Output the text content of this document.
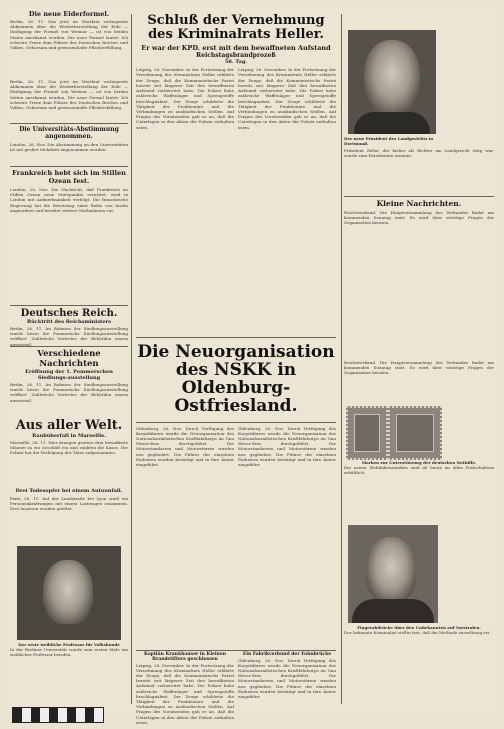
Die neue Eiderformel.
Berlin, 26. 11. Das jetzt im Wortlaut vorliegende Abkommen über die Wiederherstellung der Eide — Einfügung der Formel von Weimar — ist von beiden Seiten anerkannt worden. Die neue Formel lautet: Ich schwöre Treue dem Führer des Deutschen Reiches und Volkes, Gehorsam und gewissenhafte Pflichterfüllung.
Berlin, 26. 11. Das jetzt im Wortlaut vorliegende Abkommen über die Wiederherstellung der Eide — Einfügung der Formel von Weimar — ist von beiden Seiten anerkannt worden. Die neue Formel lautet: Ich schwöre Treue dem Führer des Deutschen Reiches und Volkes, Gehorsam und gewissenhafte Pflichterfüllung.
Die Universitäts-Abstimmung angenommen.
London, 26. Nov. Die Abstimmung an den Universitäten ist mit großer Mehrheit angenommen worden.
Frankreich hebt sich im Stillen Ozean fest.
London, 26. Nov. Die Nachricht, daß Frankreich im Stillen Ozean neue Stützpunkte errichtet, wird in London mit Aufmerksamkeit verfolgt. Die französische Regierung hat die Besetzung einer Reihe von Inseln angeordnet und bereitet weitere Maßnahmen vor.
Deutsches Reich.
Rücktritt des Reichsministers
Berlin, 26. 11. Im Rahmen der Siedlungsausstellung wurde heute die Pommersche Siedlungsausstellung eröffnet. Zahlreiche Vertreter der Behörden waren anwesend.
Verschiedene Nachrichten
Eröffnung der 1. Pommerschen Siedlungs-ausstellung
Berlin, 26. 11. Im Rahmen der Siedlungsausstellung wurde heute die Pommersche Siedlungsausstellung eröffnet. Zahlreiche Vertreter der Behörden waren anwesend.
Aus aller Welt.
Raubüberfall in Marseille.
Marseille, 26. 11. Hier drangen gestern drei bewaffnete Männer in ein Geschäft ein und raubten die Kasse. Die Polizei hat die Verfolgung der Täter aufgenommen.
Drei Todesopfer bei einem Autounfall.
Paris, 26. 11. Auf der Landstraße bei Lyon stieß ein Personenkraftwagen mit einem Lastwagen zusammen. Drei Insassen wurden getötet.
Der erste weibliche Professor für Volkskunde
In der Berliner Universität wurde zum ersten Male ein weiblicher Professor berufen.
Schluß der Vernehmung des Kriminalrats Heller.
Er war der KPD. erst mit dem bewaffneten Aufstand
Reichstagsbrandprozeß
58. Tag.
Leipzig, 26. November. In der Fortsetzung der Vernehmung des Kriminalrats Heller erklärte der Zeuge, daß die Kommunistische Partei bereits seit längerer Zeit den bewaffneten Aufstand vorbereitet habe. Die Polizei habe zahlreiche Waffenlager und Sprengstoffe beschlagnahmt. Der Zeuge schilderte die Tätigkeit der Funktionäre und die Verbindungen zu ausländischen Stellen. Auf Fragen des Vorsitzenden gab er an, daß die Unterlagen in den Akten der Polizei enthalten seien.
Leipzig, 26. November. In der Fortsetzung der Vernehmung des Kriminalrats Heller erklärte der Zeuge, daß die Kommunistische Partei bereits seit längerer Zeit den bewaffneten Aufstand vorbereitet habe. Die Polizei habe zahlreiche Waffenlager und Sprengstoffe beschlagnahmt. Der Zeuge schilderte die Tätigkeit der Funktionäre und die Verbindungen zu ausländischen Stellen. Auf Fragen des Vorsitzenden gab er an, daß die Unterlagen in den Akten der Polizei enthalten seien.
Die Neuorganisation des NSKK in Oldenburg-Ostfriesland.
Oldenburg, 26. Nov. Durch Verfügung des Korpsführers wurde die Neuorganisation des Nationalsozialistischen Kraftfahrkorps im Gau Weser-Ems durchgeführt. Die Motorstandarten und Motorstürme wurden neu gegliedert. Die Führer der einzelnen Einheiten wurden bestätigt und in ihre Ämter eingeführt.
Oldenburg, 26. Nov. Durch Verfügung des Korpsführers wurde die Neuorganisation des Nationalsozialistischen Kraftfahrkorps im Gau Weser-Ems durchgeführt. Die Motorstandarten und Motorstürme wurden neu gegliedert. Die Führer der einzelnen Einheiten wurden bestätigt und in ihre Ämter eingeführt.
Kapitän Krankhauser in Kleinen Brandstifters geschlossen
Leipzig, 26. November. In der Fortsetzung der Vernehmung des Kriminalrats Heller erklärte der Zeuge, daß die Kommunistische Partei bereits seit längerer Zeit den bewaffneten Aufstand vorbereitet habe. Die Polizei habe zahlreiche Waffenlager und Sprengstoffe beschlagnahmt. Der Zeuge schilderte die Tätigkeit der Funktionäre und die Verbindungen zu ausländischen Stellen. Auf Fragen des Vorsitzenden gab er an, daß die Unterlagen in den Akten der Polizei enthalten seien.
Ein Fabrikverbund der Fahnbrücke
Oldenburg, 26. Nov. Durch Verfügung des Korpsführers wurde die Neuorganisation des Nationalsozialistischen Kraftfahrkorps im Gau Weser-Ems durchgeführt. Die Motorstandarten und Motorstürme wurden neu gegliedert. Die Führer der einzelnen Einheiten wurden bestätigt und in ihre Ämter eingeführt.
Der neue Präsident des Landgerichts in Dortmund.
Präsident Ziehe, der bisher als Richter am Landgericht tätig war, wurde zum Präsidenten ernannt.
Kleine Nachrichten.
Reichsverband. Die Hauptversammlung des Verbandes findet am kommenden Sonntag statt. Es wird über wichtige Fragen der Organisation beraten.
Reichsverband. Die Hauptversammlung des Verbandes findet am kommenden Sonntag statt. Es wird über wichtige Fragen der Organisation beraten.
Marken zur Unterstützung der deutschen Nothilfe.
Die neuen Wohlfahrtsmarken sind ab heute an allen Postschaltern erhältlich.
Fingerabdrücke über den Unbekannten auf Vorstrafen.
Der bekannte Kriminalist stellte fest, daß die Methode zuverlässig sei.
